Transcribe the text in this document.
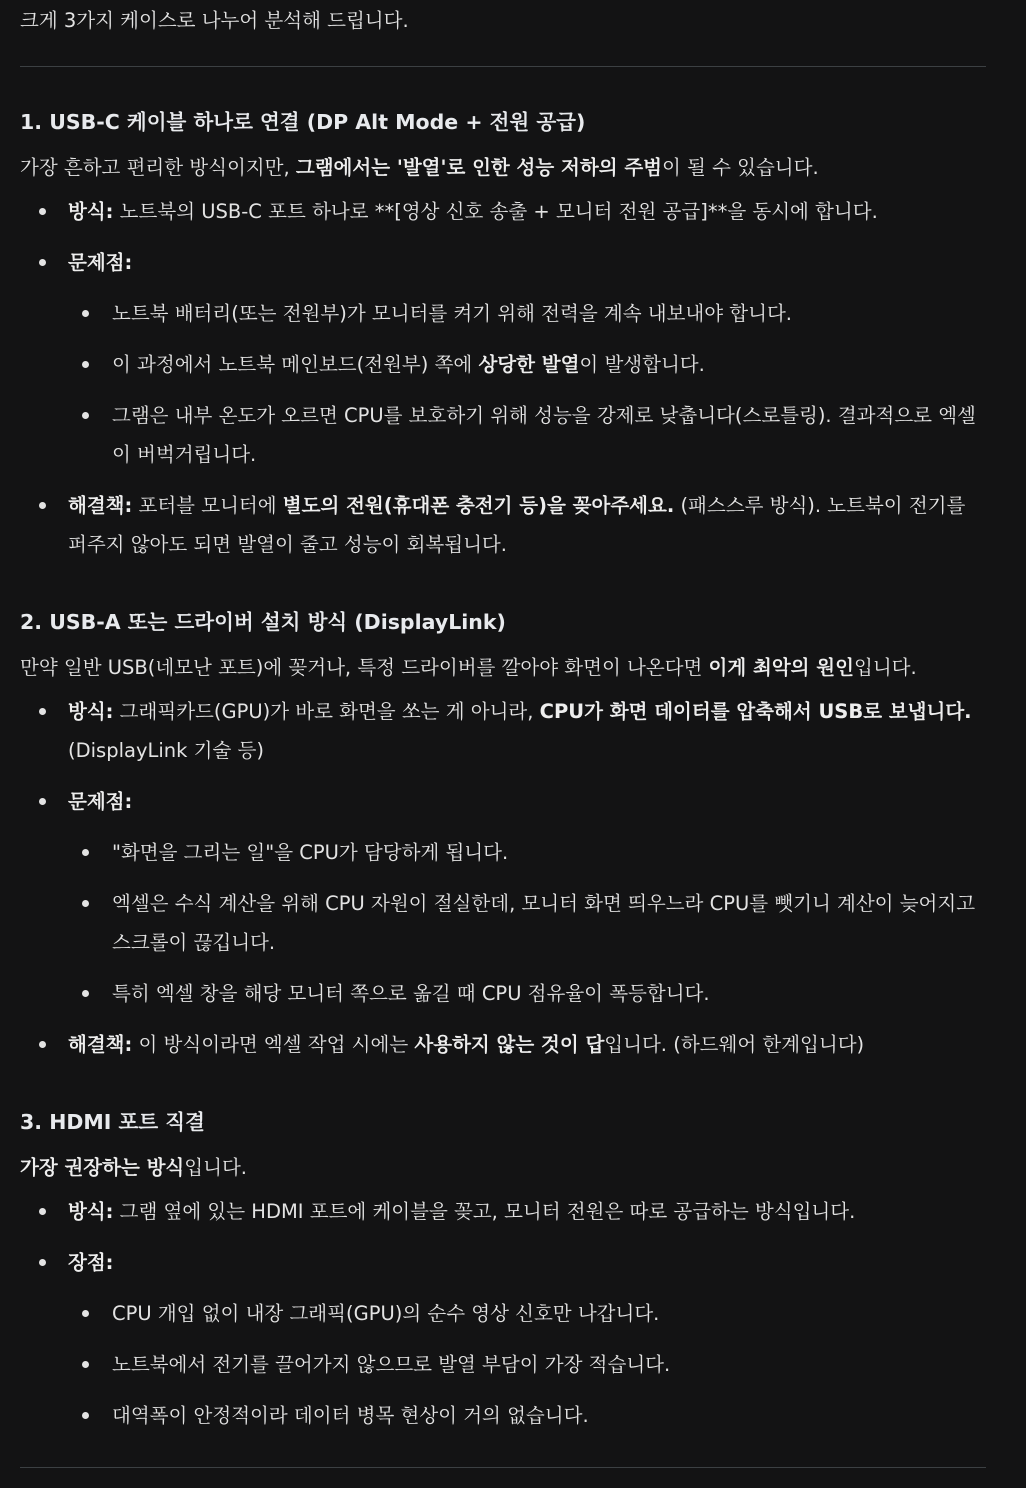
크게 3가지 케이스로 나누어 분석해 드립니다.

1. USB-C 케이블 하나로 연결 (DP Alt Mode + 전원 공급)

가장 흔하고 편리한 방식이지만, 그램에서는 '발열'로 인한 성능 저하의 주범이 될 수 있습니다.

방식: 노트북의 USB-C 포트 하나로 **[영상 신호 송출 + 모니터 전원 공급]**을 동시에 합니다.
문제점:
노트북 배터리(또는 전원부)가 모니터를 켜기 위해 전력을 계속 내보내야 합니다.
이 과정에서 노트북 메인보드(전원부) 쪽에 상당한 발열이 발생합니다.
그램은 내부 온도가 오르면 CPU를 보호하기 위해 성능을 강제로 낮춥니다(스로틀링). 결과적으로 엑셀이 버벅거립니다.
해결책: 포터블 모니터에 별도의 전원(휴대폰 충전기 등)을 꽂아주세요. (패스스루 방식). 노트북이 전기를 퍼주지 않아도 되면 발열이 줄고 성능이 회복됩니다.
2. USB-A 또는 드라이버 설치 방식 (DisplayLink)

만약 일반 USB(네모난 포트)에 꽂거나, 특정 드라이버를 깔아야 화면이 나온다면 이게 최악의 원인입니다.

방식: 그래픽카드(GPU)가 바로 화면을 쏘는 게 아니라, CPU가 화면 데이터를 압축해서 USB로 보냅니다. (DisplayLink 기술 등)
문제점:
"화면을 그리는 일"을 CPU가 담당하게 됩니다.
엑셀은 수식 계산을 위해 CPU 자원이 절실한데, 모니터 화면 띄우느라 CPU를 뺏기니 계산이 늦어지고 스크롤이 끊깁니다.
특히 엑셀 창을 해당 모니터 쪽으로 옮길 때 CPU 점유율이 폭등합니다.
해결책: 이 방식이라면 엑셀 작업 시에는 사용하지 않는 것이 답입니다. (하드웨어 한계입니다)
3. HDMI 포트 직결

가장 권장하는 방식입니다.

방식: 그램 옆에 있는 HDMI 포트에 케이블을 꽂고, 모니터 전원은 따로 공급하는 방식입니다.
장점:
CPU 개입 없이 내장 그래픽(GPU)의 순수 영상 신호만 나갑니다.
노트북에서 전기를 끌어가지 않으므로 발열 부담이 가장 적습니다.
대역폭이 안정적이라 데이터 병목 현상이 거의 없습니다.
